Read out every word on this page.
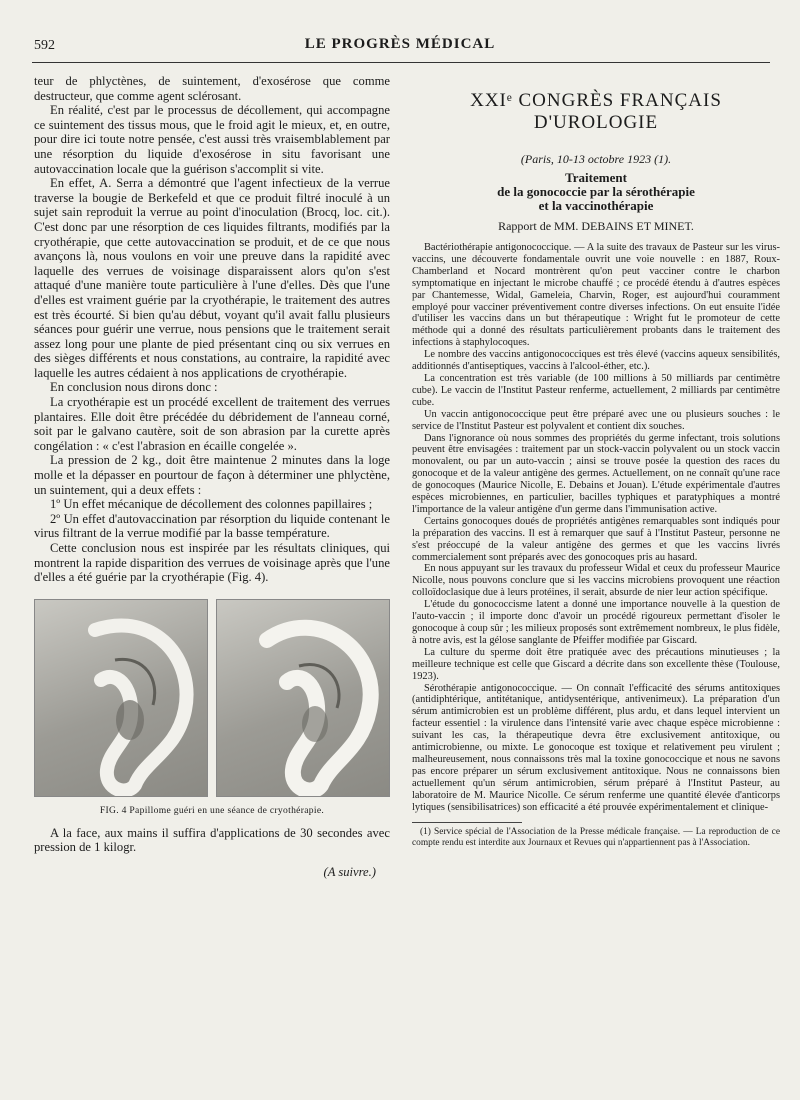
592	LE PROGRÈS MÉDICAL

teur de phlyctènes, de suintement, d'exosérose que comme destructeur, que comme agent sclérosant.

En réalité, c'est par le processus de décollement, qui accompagne ce suintement des tissus mous, que le froid agit le mieux, et, en outre, pour dire ici toute notre pensée, c'est aussi très vraisemblablement par une résorption du liquide d'exosérose in situ favorisant une autovaccination locale que la guérison s'accomplit si vite.

En effet, A. Serra a démontré que l'agent infectieux de la verrue traverse la bougie de Berkefeld et que ce produit filtré inoculé à un sujet sain reproduit la verrue au point d'inoculation (Brocq, loc. cit.). C'est donc par une résorption de ces liquides filtrants, modifiés par la cryothérapie, que cette autovaccination se produit, et de ce que nous avançons là, nous voulons en voir une preuve dans la rapidité avec laquelle des verrues de voisinage disparaissent alors qu'on s'est attaqué d'une manière toute particulière à l'une d'elles. Dès que l'une d'elles est vraiment guérie par la cryothérapie, le traitement des autres est très écourté. Si bien qu'au début, voyant qu'il avait fallu plusieurs séances pour guérir une verrue, nous pensions que le traitement serait assez long pour une plante de pied présentant cinq ou six verrues en des sièges différents et nous constations, au contraire, la rapidité avec laquelle les autres cédaient à nos applications de cryothérapie.

En conclusion nous dirons donc :

La cryothérapie est un procédé excellent de traitement des verrues plantaires. Elle doit être précédée du débridement de l'anneau corné, soit par le galvano cautère, soit de son abrasion par la curette après congélation : « c'est l'abrasion en écaille congelée ».

La pression de 2 kg., doit être maintenue 2 minutes dans la loge molle et la dépasser en pourtour de façon à déterminer une phlyctène, un suintement, qui a deux effets :

1º Un effet mécanique de décollement des colonnes papillaires ;

2º Un effet d'autovaccination par résorption du liquide contenant le virus filtrant de la verrue modifié par la basse température.

Cette conclusion nous est inspirée par les résultats cliniques, qui montrent la rapide disparition des verrues de voisinage après que l'une d'elles a été guérie par la cryothérapie (Fig. 4).

FIG. 4 Papillome guéri en une séance de cryothérapie.

A la face, aux mains il suffira d'applications de 30 secondes avec pression de 1 kilogr.

(A suivre.)
XXIᵉ CONGRÈS FRANÇAIS D'UROLOGIE
(Paris, 10-13 octobre 1923 (1).
Traitement
de la gonococcie par la sérothérapie
et la vaccinothérapie
Rapport de MM. DEBAINS ET MINET.

Bactériothérapie antigonococcique. — A la suite des travaux de Pasteur sur les virus-vaccins, une découverte fondamentale ouvrit une voie nouvelle : en 1887, Roux-Chamberland et Nocard montrèrent qu'on peut vacciner contre le charbon symptomatique en injectant le microbe chauffé ; ce procédé étendu à d'autres espèces par Chantemesse, Widal, Gameleia, Charvin, Roger, est aujourd'hui couramment employé pour vacciner préventivement contre diverses infections. On eut ensuite l'idée d'utiliser les vaccins dans un but thérapeutique : Wright fut le promoteur de cette méthode qui a donné des résultats particulièrement probants dans le traitement des infections à staphylocoques.

Le nombre des vaccins antigonococciques est très élevé (vaccins aqueux sensibilités, additionnés d'antiseptiques, vaccins à l'alcool-éther, etc.).

La concentration est très variable (de 100 millions à 50 milliards par centimètre cube). Le vaccin de l'Institut Pasteur renferme, actuellement, 2 milliards par centimètre cube.

Un vaccin antigonococcique peut être préparé avec une ou plusieurs souches : le service de l'Institut Pasteur est polyvalent et contient dix souches.

Dans l'ignorance où nous sommes des propriétés du germe infectant, trois solutions peuvent être envisagées : traitement par un stock-vaccin polyvalent ou un stock vaccin monovalent, ou par un auto-vaccin ; ainsi se trouve posée la question des races du gonocoque et de la valeur antigène des germes. Actuellement, on ne connaît qu'une race de gonocoques (Maurice Nicolle, E. Debains et Jouan). L'étude expérimentale d'autres espèces microbiennes, en particulier, bacilles typhiques et paratyphiques a montré l'importance de la valeur antigène d'un germe dans l'immunisation active.

Certains gonocoques doués de propriétés antigènes remarquables sont indiqués pour la préparation des vaccins. Il est à remarquer que sauf à l'Institut Pasteur, personne ne s'est préoccupé de la valeur antigène des germes et que les vaccins livrés commercialement sont préparés avec des gonocoques pris au hasard.

En nous appuyant sur les travaux du professeur Widal et ceux du professeur Maurice Nicolle, nous pouvons conclure que si les vaccins microbiens provoquent une réaction colloïdoclasique due à leurs protéines, il serait, absurde de nier leur action spécifique.

L'étude du gonococcisme latent a donné une importance nouvelle à la question de l'auto-vaccin ; il importe donc d'avoir un procédé rigoureux permettant d'isoler le gonocoque à coup sûr ; les milieux proposés sont extrêmement nombreux, le plus fidèle, à notre avis, est la gélose sanglante de Pfeiffer modifiée par Giscard.

La culture du sperme doit être pratiquée avec des précautions minutieuses ; la meilleure technique est celle que Giscard a décrite dans son excellente thèse (Toulouse, 1923).

Sérothérapie antigonococcique. — On connaît l'efficacité des sérums antitoxiques (antidiphtérique, antitétanique, antidysentérique, antivenimeux). La préparation d'un sérum antimicrobien est un problème différent, plus ardu, et dans lequel intervient un facteur essentiel : la virulence dans l'intensité varie avec chaque espèce microbienne : suivant les cas, la thérapeutique devra être exclusivement antitoxique, ou antimicrobienne, ou mixte. Le gonocoque est toxique et relativement peu virulent ; malheureusement, nous connaissons très mal la toxine gonococcique et nous ne savons pas encore préparer un sérum exclusivement antitoxique. Nous ne connaissons bien actuellement qu'un sérum antimicrobien, sérum préparé à l'Institut Pasteur, au laboratoire de M. Maurice Nicolle. Ce sérum renferme une quantité élevée d'anticorps lytiques (sensibilisatrices) son efficacité a été prouvée expérimentalement et clinique-

(1) Service spécial de l'Association de la Presse médicale française. — La reproduction de ce compte rendu est interdite aux Journaux et Revues qui n'appartiennent pas à l'Association.
